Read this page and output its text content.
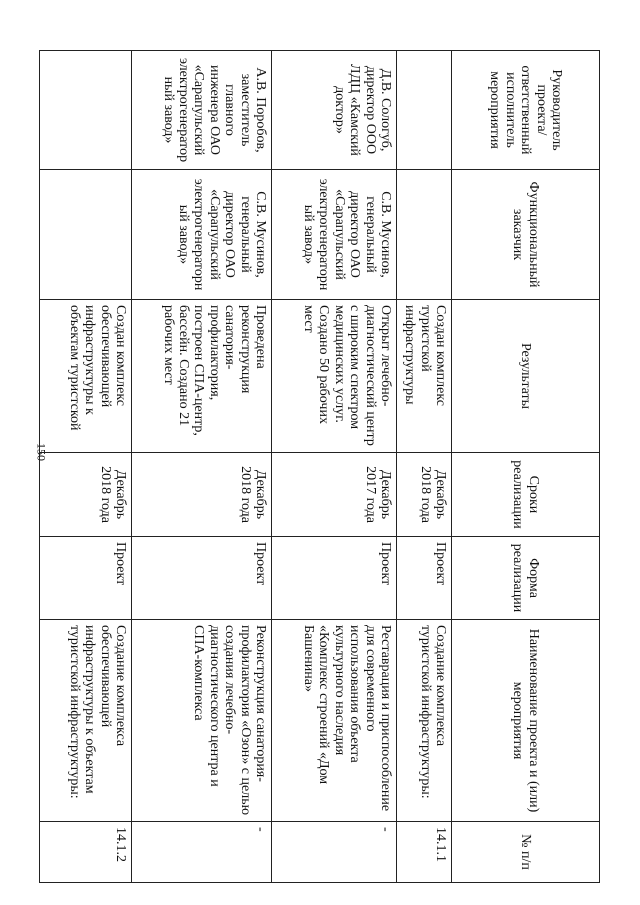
150
Руководитель проекта/ ответственный исполнитель мероприятия	Функциональный заказчик	Результаты	Сроки реализации	Форма реализации	Наименование проекта и (или) мероприятия	№ п/п
		Создан комплекс туристской инфраструктуры	Декабрь 2018 года	Проект	Создание комплекса туристской инфраструктуры:	14.1.1
Д.В. Сологуб, директор ООО ЛДЦ «Камский доктор»	С.В. Мусинов, генеральный директор ОАО «Сарапульский электрогенераторный завод»	Открыт лечебно-диагностический центр с широким спектром медицинских услуг. Создано 50 рабочих мест	Декабрь 2017 года	Проект	Реставрация и приспособление для современного использования объекта культурного наследия «Комплекс строений «Дом Башенина»	-
А.В. Поробов, заместитель главного инженера ОАО «Сарапульский электрогенераторный завод»	С.В. Мусинов, генеральный директор ОАО «Сарапульский электрогенераторный завод»	Проведена реконструкция санатория-профилактория, построен СПА-центр, бассейн. Создано 21 рабочих мест	Декабрь 2018 года	Проект	Реконструкция санатория-профилактория «Озон» с целью создания лечебно-диагностического центра и СПА-комплекса	-
		Создан комплекс обеспечивающей инфраструктуры к объектам туристской	Декабрь 2018 года	Проект	Создание комплекса обеспечивающей инфраструктуры к объектам туристской инфраструктуры:	14.1.2
